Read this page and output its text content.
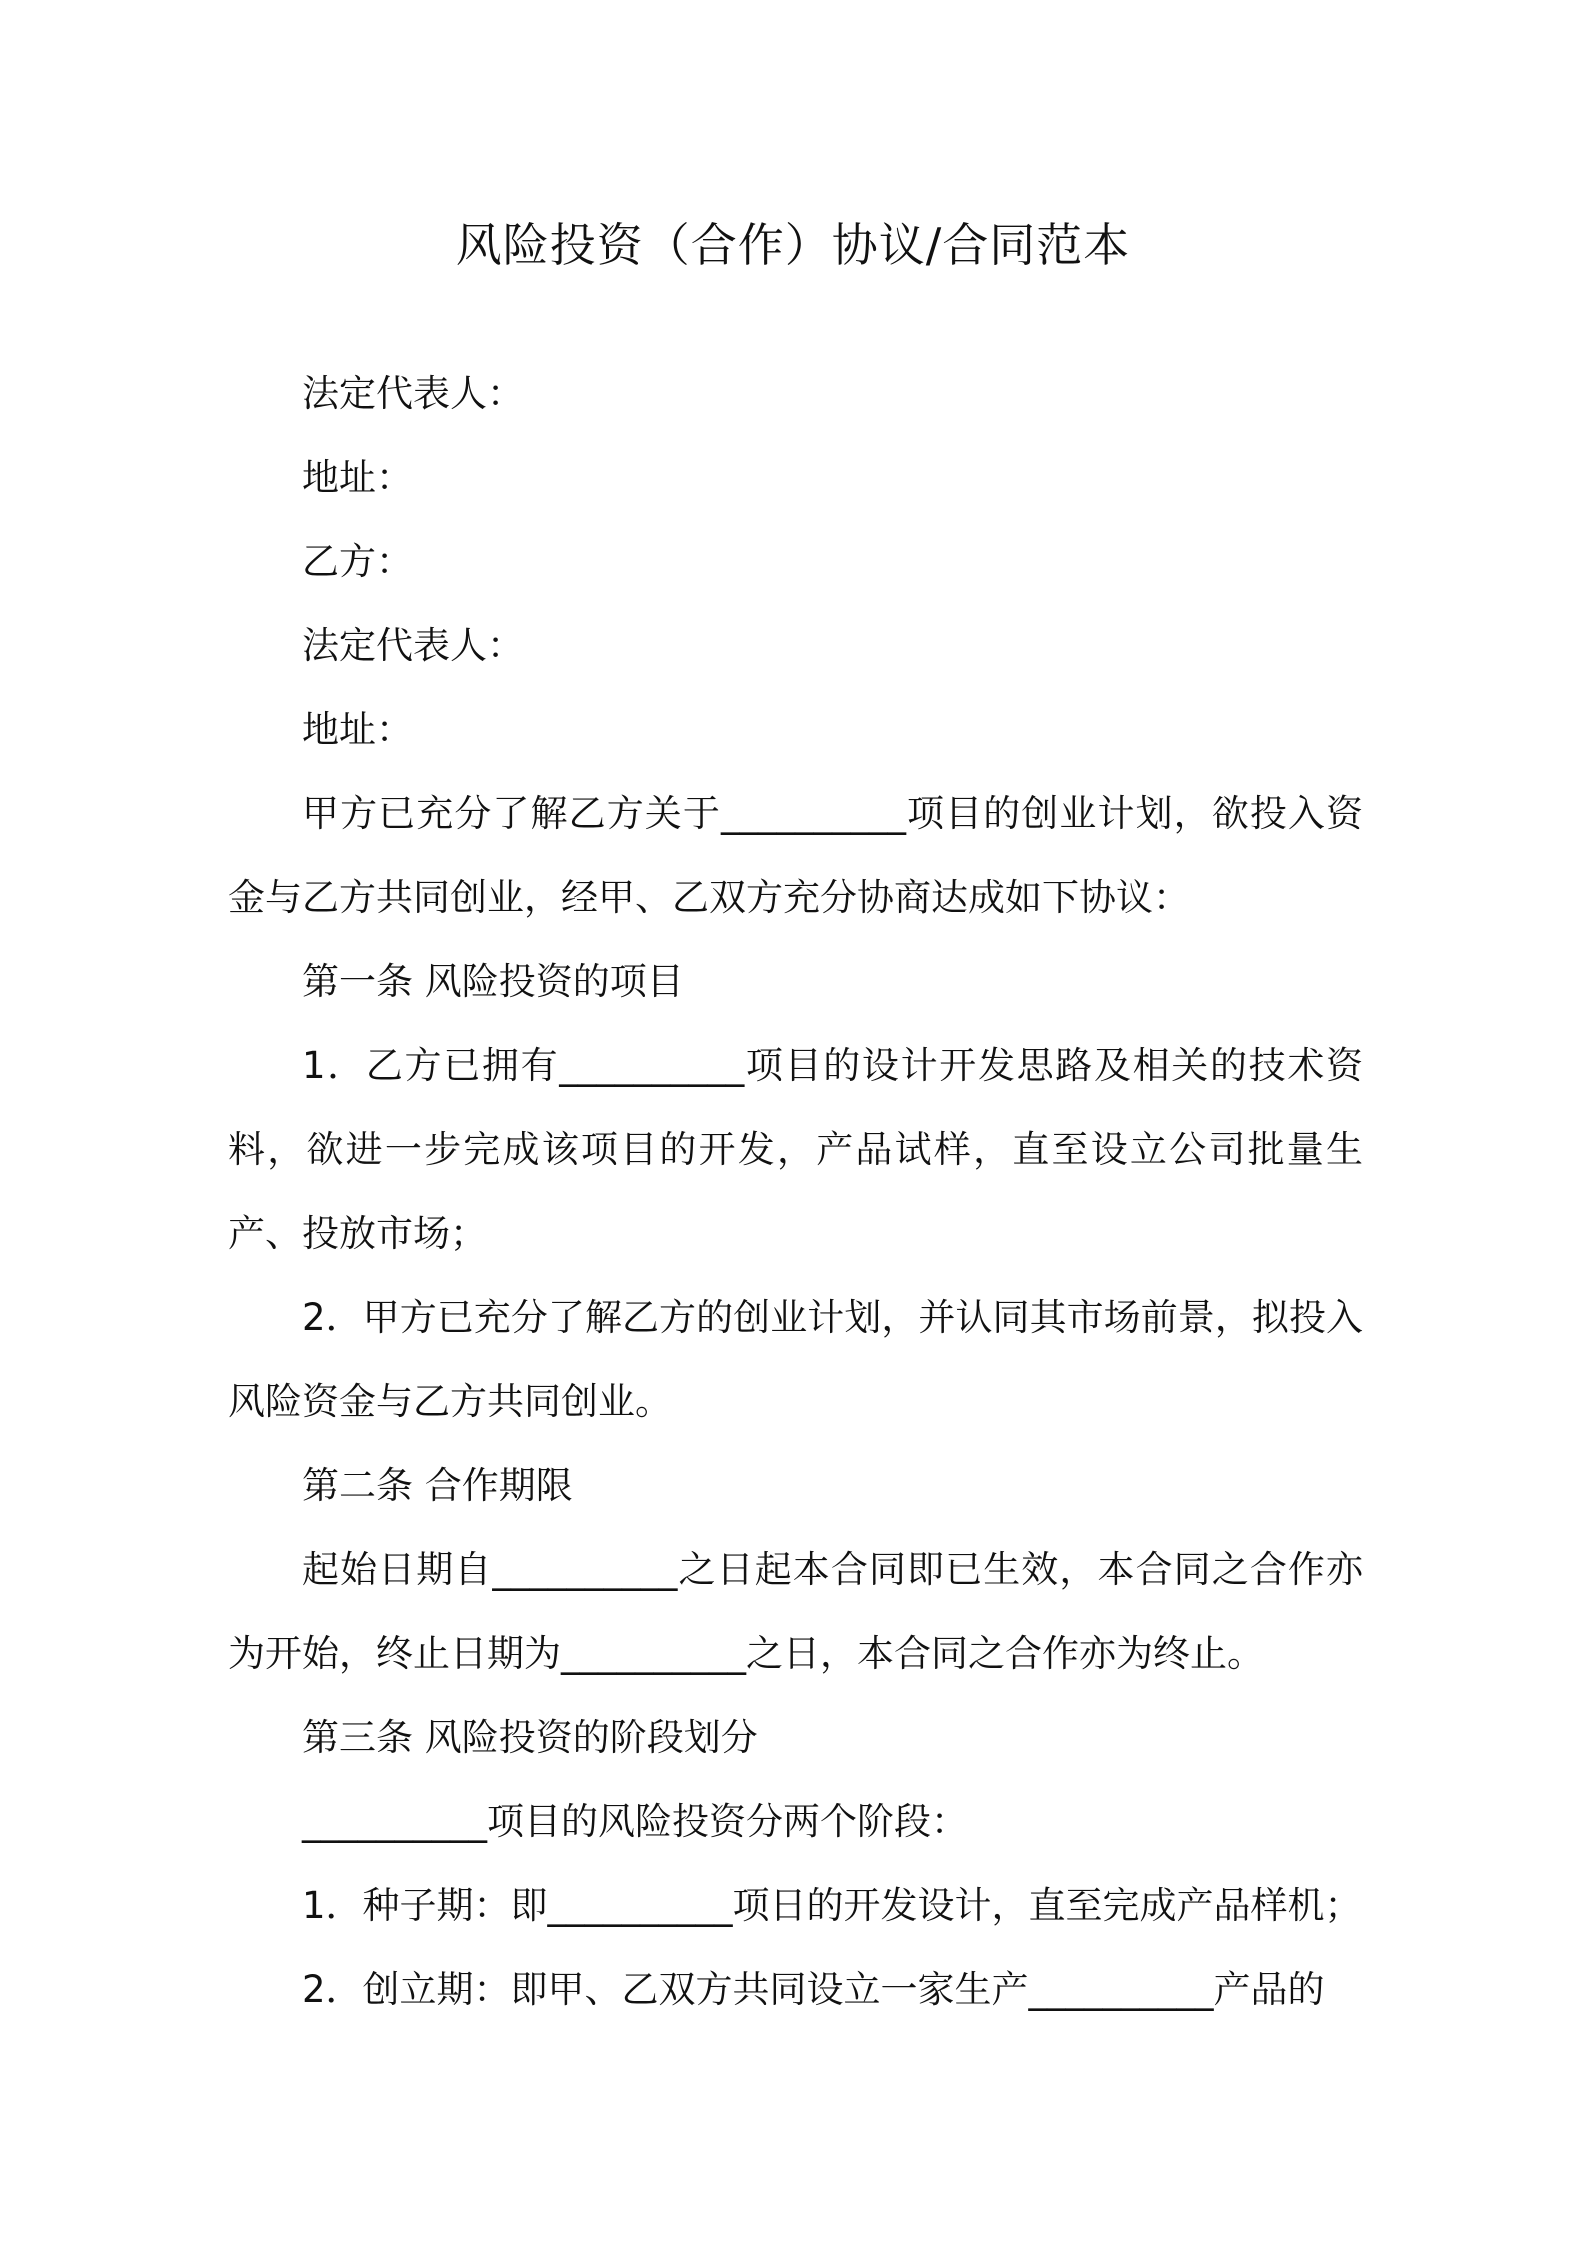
风险投资（合作）协议/合同范本

法定代表人：

地址：

乙方：

法定代表人：

地址：

甲方已充分了解乙方关于__________项目的创业计划，欲投入资金与乙方共同创业，经甲、乙双方充分协商达成如下协议：

第一条 风险投资的项目

1．乙方已拥有__________项目的设计开发思路及相关的技术资料，欲进一步完成该项目的开发，产品试样，直至设立公司批量生产、投放市场；

2．甲方已充分了解乙方的创业计划，并认同其市场前景，拟投入风险资金与乙方共同创业。

第二条 合作期限

起始日期自__________之日起本合同即已生效，本合同之合作亦为开始，终止日期为__________之日，本合同之合作亦为终止。

第三条 风险投资的阶段划分

__________项目的风险投资分两个阶段：

1．种子期：即__________项日的开发设计，直至完成产品样机；

2．创立期：即甲、乙双方共同设立一家生产__________产品的
